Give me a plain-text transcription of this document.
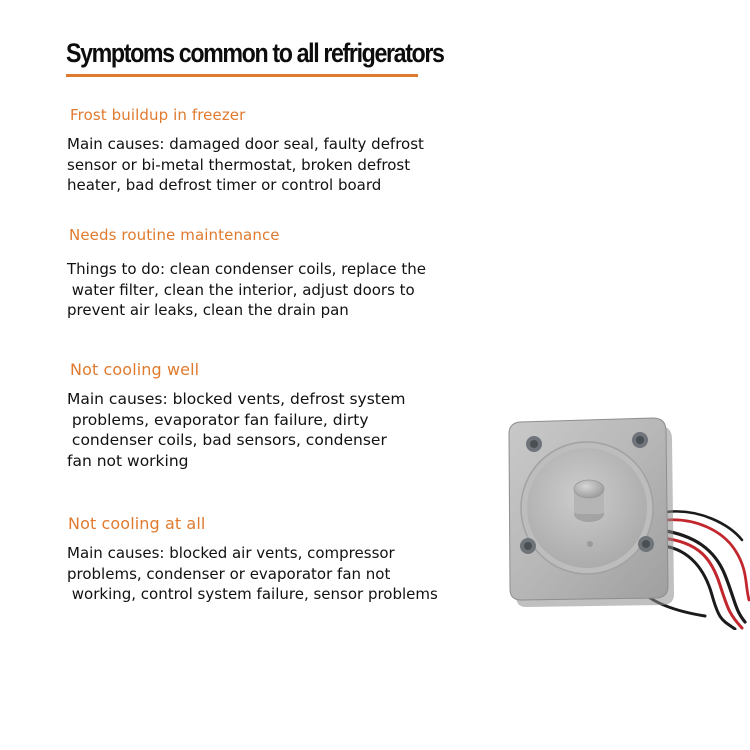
Symptoms common to all refrigerators
Frost buildup in freezer
Main causes: damaged door seal, faulty defrost
sensor or bi-metal thermostat, broken defrost
heater, bad defrost timer or control board
Needs routine maintenance
Things to do: clean condenser coils, replace the
water filter, clean the interior, adjust doors to
prevent air leaks, clean the drain pan
Not cooling well
Main causes: blocked vents, defrost system
problems, evaporator fan failure, dirty
condenser coils, bad sensors, condenser
fan not working
Not cooling at all
Main causes: blocked air vents, compressor
problems, condenser or evaporator fan not
working, control system failure, sensor problems
